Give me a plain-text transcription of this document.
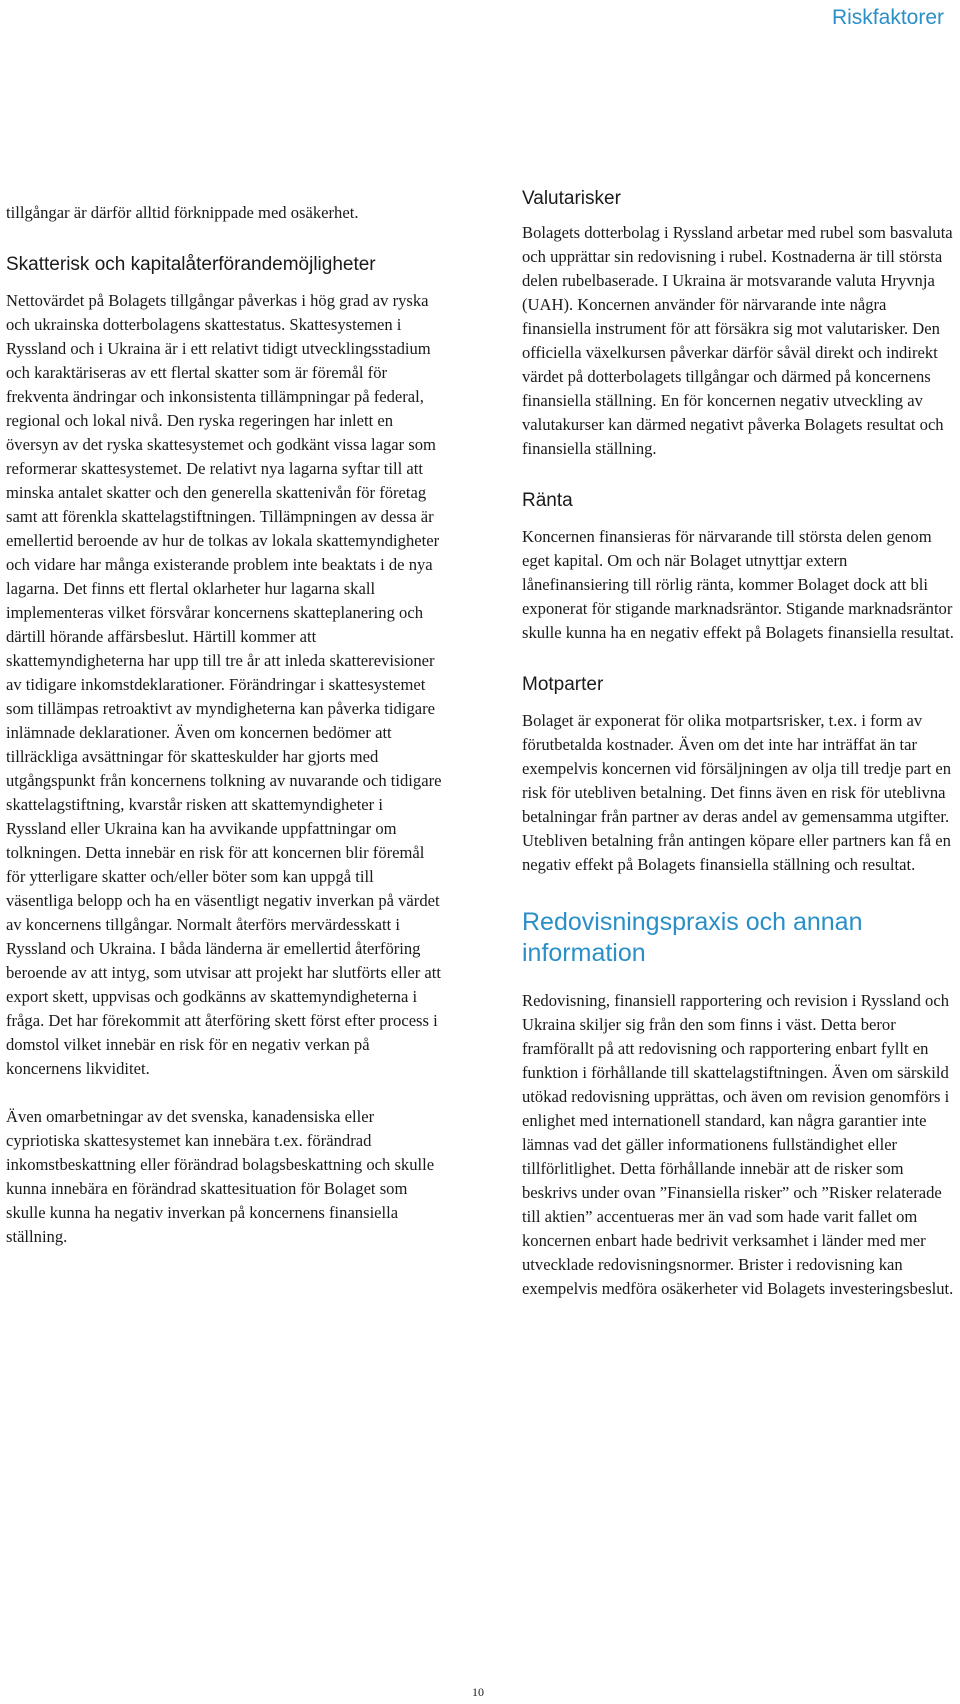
Riskfaktorer

tillgångar är därför alltid förknippade med osäkerhet.

Skatterisk och kapitalåterförandemöjligheter

Nettovärdet på Bolagets tillgångar påverkas i hög grad av ryska och ukrainska dotterbolagens skattestatus. Skattesystemen i Ryssland och i Ukraina är i ett relativt tidigt utvecklingsstadium och karaktäriseras av ett flertal skatter som är föremål för frekventa ändringar och inkonsistenta tillämpningar på federal, regional och lokal nivå. Den ryska regeringen har inlett en översyn av det ryska skattesystemet och godkänt vissa lagar som reformerar skattesystemet. De relativt nya lagarna syftar till att minska antalet skatter och den generella skattenivån för företag samt att förenkla skattelagstiftningen. Tillämpningen av dessa är emellertid beroende av hur de tolkas av lokala skattemyndigheter och vidare har många existerande problem inte beaktats i de nya lagarna. Det finns ett flertal oklarheter hur lagarna skall implementeras vilket försvårar koncernens skatteplanering och därtill hörande affärsbeslut. Härtill kommer att skattemyndigheterna har upp till tre år att inleda skatterevisioner av tidigare inkomstdeklarationer. Förändringar i skattesystemet som tillämpas retroaktivt av myndigheterna kan påverka tidigare inlämnade deklarationer. Även om koncernen bedömer att tillräckliga avsättningar för skatteskulder har gjorts med utgångspunkt från koncernens tolkning av nuvarande och tidigare skattelagstiftning, kvarstår risken att skattemyndigheter i Ryssland eller Ukraina kan ha avvikande uppfattningar om tolkningen. Detta innebär en risk för att koncernen blir föremål för ytterligare skatter och/eller böter som kan uppgå till väsentliga belopp och ha en väsentligt negativ inverkan på värdet av koncernens tillgångar. Normalt återförs mervärdesskatt i Ryssland och Ukraina. I båda länderna är emellertid återföring beroende av att intyg, som utvisar att projekt har slutförts eller att export skett, uppvisas och godkänns av skattemyndigheterna i fråga. Det har förekommit att återföring skett först efter process i domstol vilket innebär en risk för en negativ verkan på koncernens likviditet.

Även omarbetningar av det svenska, kanadensiska eller cypriotiska skattesystemet kan innebära t.ex. förändrad inkomstbeskattning eller förändrad bolagsbeskattning och skulle kunna innebära en förändrad skattesituation för Bolaget som skulle kunna ha negativ inverkan på koncernens finansiella ställning.

Valutarisker

Bolagets dotterbolag i Ryssland arbetar med rubel som basvaluta och upprättar sin redovisning i rubel. Kostnaderna är till största delen rubelbaserade. I Ukraina är motsvarande valuta Hryvnja (UAH). Koncernen använder för närvarande inte några finansiella instrument för att försäkra sig mot valutarisker. Den officiella växelkursen påverkar därför såväl direkt och indirekt värdet på dotterbolagets tillgångar och därmed på koncernens finansiella ställning. En för koncernen negativ utveckling av valutakurser kan därmed negativt påverka Bolagets resultat och finansiella ställning.

Ränta

Koncernen finansieras för närvarande till största delen genom eget kapital. Om och när Bolaget utnyttjar extern lånefinansiering till rörlig ränta, kommer Bolaget dock att bli exponerat för stigande marknadsräntor. Stigande marknadsräntor skulle kunna ha en negativ effekt på Bolagets finansiella resultat.

Motparter

Bolaget är exponerat för olika motpartsrisker, t.ex. i form av förutbetalda kostnader. Även om det inte har inträffat än tar exempelvis koncernen vid försäljningen av olja till tredje part en risk för utebliven betalning. Det finns även en risk för uteblivna betalningar från partner av deras andel av gemensamma utgifter. Utebliven betalning från antingen köpare eller partners kan få en negativ effekt på Bolagets finansiella ställning och resultat.

Redovisningspraxis och annan information

Redovisning, finansiell rapportering och revision i Ryssland och Ukraina skiljer sig från den som finns i väst. Detta beror framförallt på att redovisning och rapportering enbart fyllt en funktion i förhållande till skattelagstiftningen. Även om särskild utökad redovisning upprättas, och även om revision genomförs i enlighet med internationell standard, kan några garantier inte lämnas vad det gäller informationens fullständighet eller tillförlitlighet. Detta förhållande innebär att de risker som beskrivs under ovan ”Finansiella risker” och ”Risker relaterade till aktien” accentueras mer än vad som hade varit fallet om koncernen enbart hade bedrivit verksamhet i länder med mer utvecklade redovisningsnormer. Brister i redovisning kan exempelvis medföra osäkerheter vid Bolagets investeringsbeslut.

10
